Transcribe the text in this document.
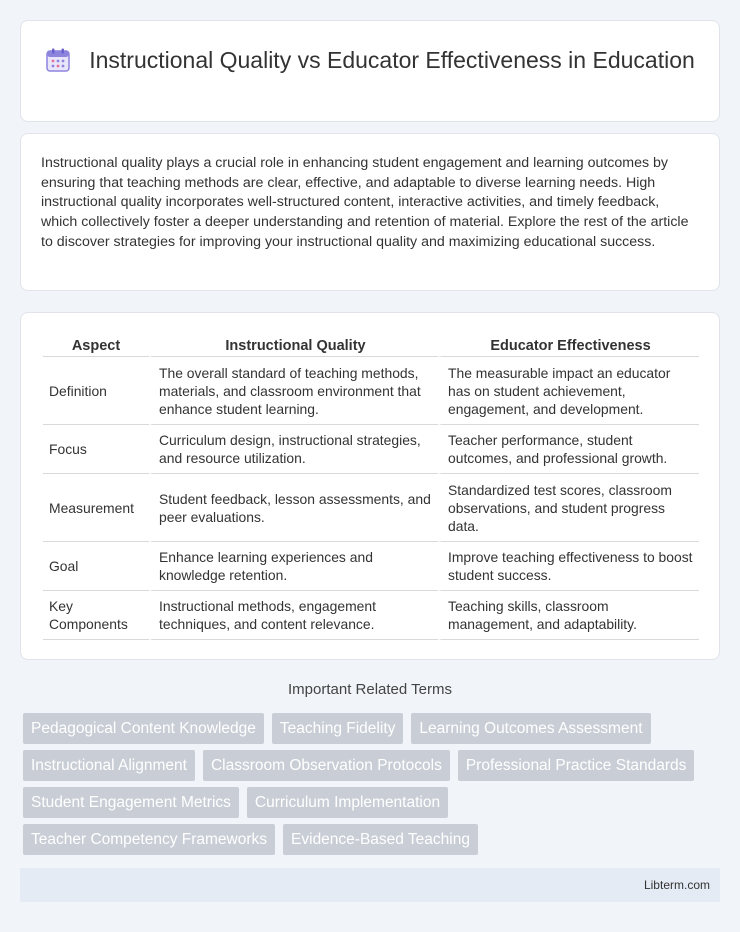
Instructional Quality vs Educator Effectiveness in Education

Instructional quality plays a crucial role in enhancing student engagement and learning outcomes by ensuring that teaching methods are clear, effective, and adaptable to diverse learning needs. High instructional quality incorporates well-structured content, interactive activities, and timely feedback, which collectively foster a deeper understanding and retention of material. Explore the rest of the article to discover strategies for improving your instructional quality and maximizing educational success.

Aspect	Instructional Quality	Educator Effectiveness
Definition	The overall standard of teaching methods, materials, and classroom environment that enhance student learning.	The measurable impact an educator has on student achievement, engagement, and development.
Focus	Curriculum design, instructional strategies, and resource utilization.	Teacher performance, student outcomes, and professional growth.
Measurement	Student feedback, lesson assessments, and peer evaluations.	Standardized test scores, classroom observations, and student progress data.
Goal	Enhance learning experiences and knowledge retention.	Improve teaching effectiveness to boost student success.
Key Components	Instructional methods, engagement techniques, and content relevance.	Teaching skills, classroom management, and adaptability.
Important Related Terms
Pedagogical Content Knowledge	Teaching Fidelity	Learning Outcomes Assessment
Instructional Alignment	Classroom Observation Protocols	Professional Practice Standards
Student Engagement Metrics	Curriculum Implementation
Teacher Competency Frameworks	Evidence-Based Teaching
Libterm.com
